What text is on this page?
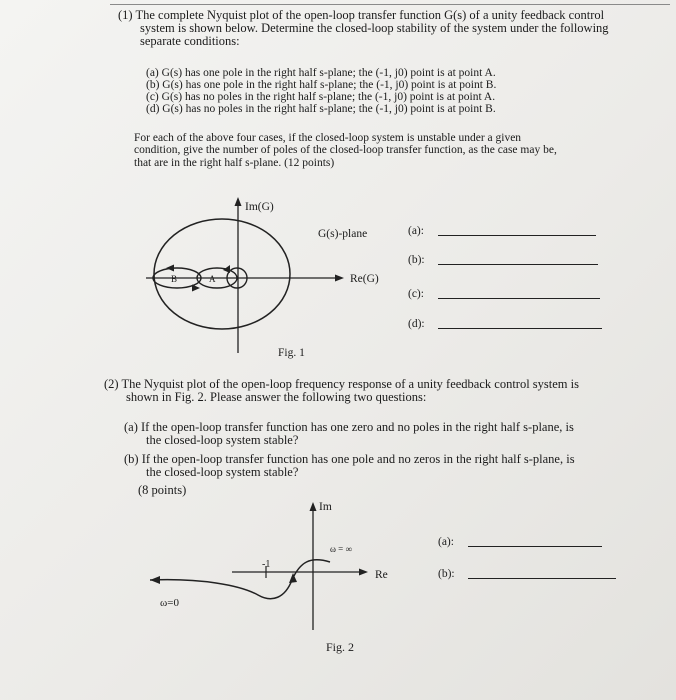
(1) The complete Nyquist plot of the open-loop transfer function G(s) of a unity feedback control
system is shown below. Determine the closed-loop stability of the system under the following
separate conditions:
(a) G(s) has one pole in the right half s-plane; the (-1, j0) point is at point A.
(b) G(s) has one pole in the right half s-plane; the (-1, j0) point is at point B.
(c) G(s) has no poles in the right half s-plane; the (-1, j0) point is at point A.
(d) G(s) has no poles in the right half s-plane; the (-1, j0) point is at point B.
For each of the above four cases, if the closed-loop system is unstable under a given
condition, give the number of poles of the closed-loop transfer function, as the case may be,
that are in the right half s-plane. (12 points)
B	A
Im(G)
G(s)-plane
Re(G)
Fig. 1
(a):
(b):
(c):
(d):
(2) The Nyquist plot of the open-loop frequency response of a unity feedback control system is
shown in Fig. 2. Please answer the following two questions:
(a) If the open-loop transfer function has one zero and no poles in the right half s-plane, is
the closed-loop system stable?
(b) If the open-loop transfer function has one pole and no zeros in the right half s-plane, is
the closed-loop system stable?
(8 points)
Im
Re
-1
ω = ∞
ω=0
Fig. 2
(a):
(b):
